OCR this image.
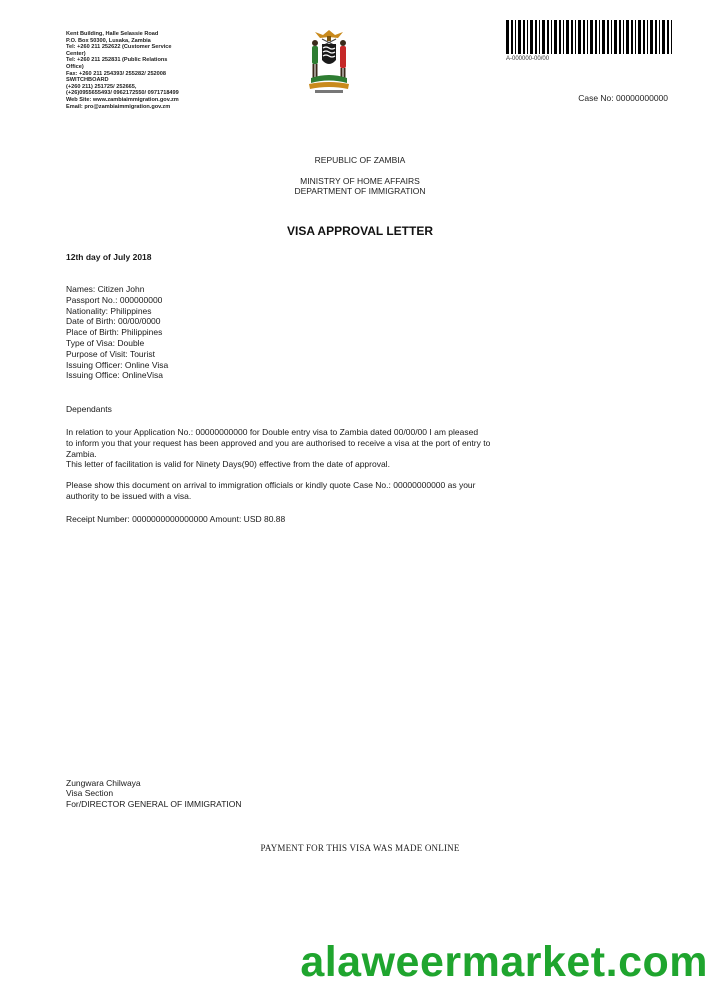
Kent Building, Halle Selassie Road
P.O. Box 50300, Lusaka, Zambia
Tel: +260 211 252622 (Customer Service
Center)
Tel: +260 211 252831 (Public Relations
Office)
Fax: +260 211 254393/ 255282/ 252008
SWITCHBOARD
(+260 211) 251725/ 252665,
(+26)0955655493/ 0962172550/ 0971718499
Web Site: www.zambiaimmigration.gov.zm
Email: pro@zambiaimmigration.gov.zm
A-000000-00/00
Case No: 00000000000
REPUBLIC OF ZAMBIA
MINISTRY OF HOME AFFAIRS
DEPARTMENT OF IMMIGRATION
VISA APPROVAL LETTER
12th day of July 2018
Names: Citizen John
Passport No.: 000000000
Nationality: Philippines
Date of Birth: 00/00/0000
Place of Birth: Philippines
Type of Visa: Double
Purpose of Visit: Tourist
Issuing Officer: Online Visa
Issuing Office: OnlineVisa
Dependants
In relation to your Application No.: 00000000000 for Double entry visa to Zambia dated 00/00/00 I am pleased
to inform you that your request has been approved and you are authorised to receive a visa at the port of entry to
Zambia.
This letter of facilitation is valid for Ninety Days(90) effective from the date of approval.
Please show this document on arrival to immigration officials or kindly quote Case No.: 00000000000 as your
authority to be issued with a visa.
Receipt Number: 0000000000000000 Amount: USD 80.88
Zungwara Chilwaya
Visa Section
For/DIRECTOR GENERAL OF IMMIGRATION
PAYMENT FOR THIS VISA WAS MADE ONLINE
alaweermarket.com
